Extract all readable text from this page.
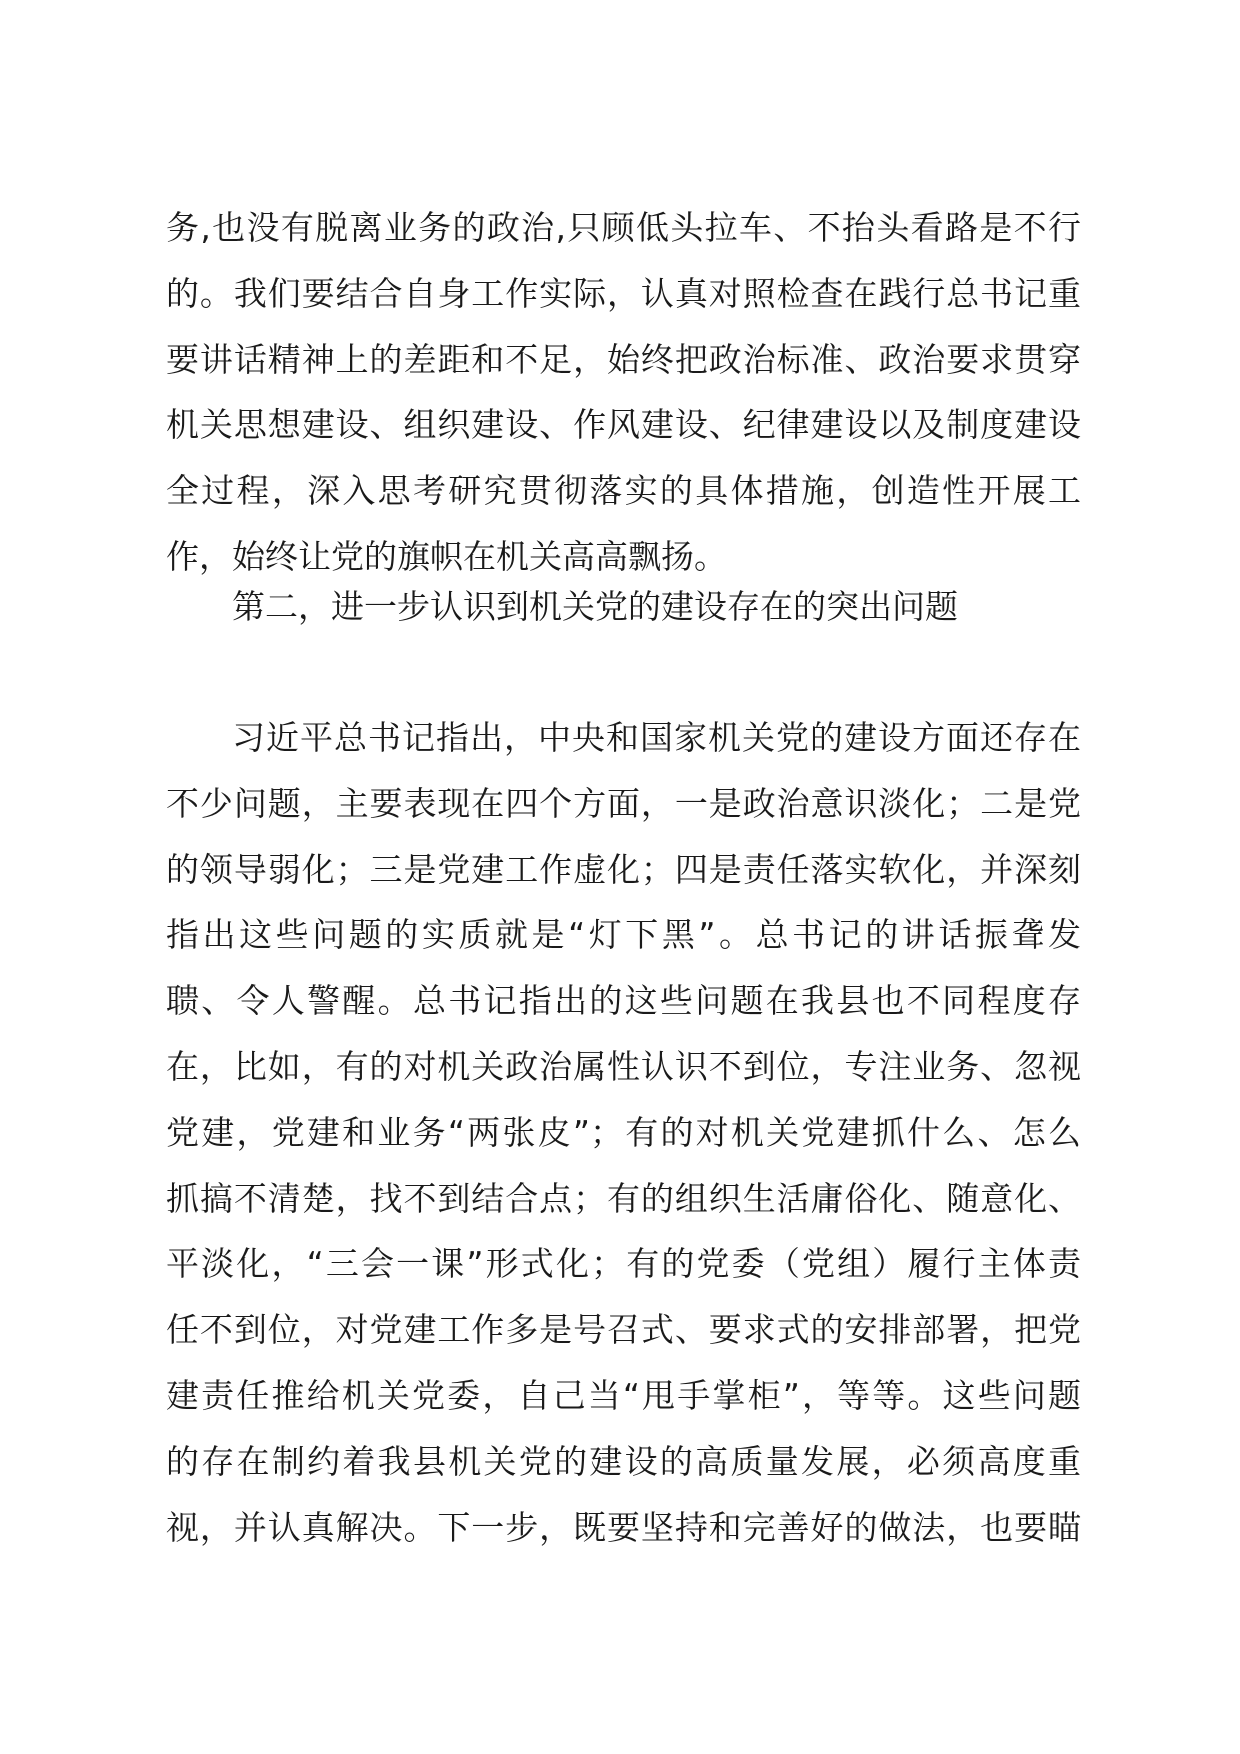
务,也没有脱离业务的政治,只顾低头拉车、不抬头看路是不行
的。我们要结合自身工作实际，认真对照检查在践行总书记重
要讲话精神上的差距和不足，始终把政治标准、政治要求贯穿
机关思想建设、组织建设、作风建设、纪律建设以及制度建设
全过程，深入思考研究贯彻落实的具体措施，创造性开展工
作，始终让党的旗帜在机关高高飘扬。
第二，进一步认识到机关党的建设存在的突出问题
习近平总书记指出，中央和国家机关党的建设方面还存在
不少问题，主要表现在四个方面，一是政治意识淡化；二是党
的领导弱化；三是党建工作虚化；四是责任落实软化，并深刻
指出这些问题的实质就是“灯下黑”。总书记的讲话振聋发
聩、令人警醒。总书记指出的这些问题在我县也不同程度存
在，比如，有的对机关政治属性认识不到位，专注业务、忽视
党建，党建和业务“两张皮”；有的对机关党建抓什么、怎么
抓搞不清楚，找不到结合点；有的组织生活庸俗化、随意化、
平淡化，“三会一课”形式化；有的党委（党组）履行主体责
任不到位，对党建工作多是号召式、要求式的安排部署，把党
建责任推给机关党委，自己当“甩手掌柜”，等等。这些问题
的存在制约着我县机关党的建设的高质量发展，必须高度重
视，并认真解决。下一步，既要坚持和完善好的做法，也要瞄
